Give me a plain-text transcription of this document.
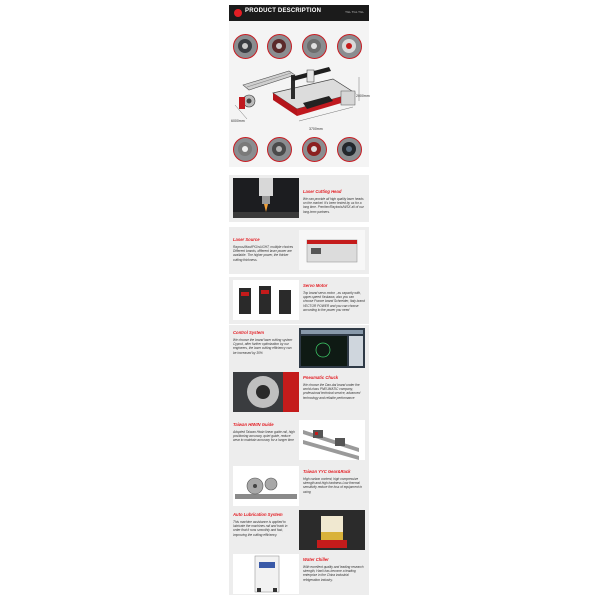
PRODUCT DESCRIPTION	TGL TGL TGL
6000mm
2000mm
3700mm
Laser Cutting Head
We can provide all high quality laser heads on the market. It's been tested by us for a long time. Precitec/Raytools/WSX all of our long-term partners.
Laser Source
Raycus/Max/IPG/nLIGHT, multiple choices Different brands, different laser power are available. The higher power, the thicker cutting thickness.
Servo Motor
Top brand servo motor , as capacity with, upper-speed Yaskawa, also you can choose France brand Schneider, Italy brand VECTOR POWER and you can choose according to the power you need
Control System
We choose the brand laser cutting system Cypcut, after further optimization by our engineers, the laser cutting efficiency can be increased by 30%
Pneumatic Chuck
We choose the Dan-dai brand under the world-class PNEUMATIC company, professional technical service, advanced technology and reliable performance
Taiwan HIWIN Guide
Adopted Taiwan Hiwin linear guide rail, high positioning accuracy, quiet guide, reduce wear to maintain accuracy for a longer time
Taiwan YYC Gear&Rack
High carbon content, high compressive strength and high hardness Low thermal sensitivity reduce the loss of equipment in using
Auto Lubrication System
This machine assistance is applied to lubricate the machines rail and track in order that it runs smoothly and fast, improving the cutting efficiency.
Water Chiller
With excellent quality and leading research strength, Hanli has become a leading enterprise in the China industrial refrigeration industry.
